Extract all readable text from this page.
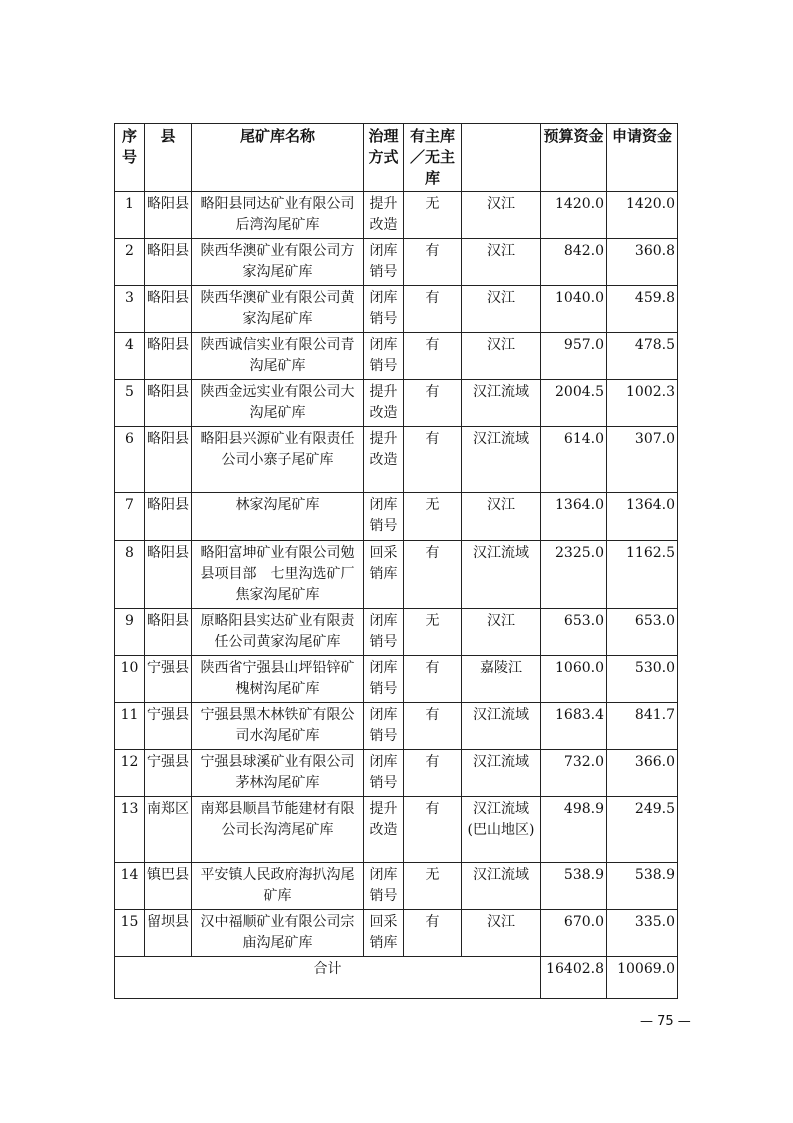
序号	县	尾矿库名称	治理方式	有主库／无主库		预算资金	申请资金
1	略阳县	略阳县同达矿业有限公司后湾沟尾矿库	提升改造	无	汉江	1420.0	1420.0
2	略阳县	陕西华澳矿业有限公司方家沟尾矿库	闭库销号	有	汉江	842.0	360.8
3	略阳县	陕西华澳矿业有限公司黄家沟尾矿库	闭库销号	有	汉江	1040.0	459.8
4	略阳县	陕西诚信实业有限公司青沟尾矿库	闭库销号	有	汉江	957.0	478.5
5	略阳县	陕西金远实业有限公司大沟尾矿库	提升改造	有	汉江流域	2004.5	1002.3
6	略阳县	略阳县兴源矿业有限责任公司小寨子尾矿库	提升改造	有	汉江流域	614.0	307.0
7	略阳县	林家沟尾矿库	闭库销号	无	汉江	1364.0	1364.0
8	略阳县	略阳富坤矿业有限公司勉县项目部　七里沟选矿厂焦家沟尾矿库	回采销库	有	汉江流域	2325.0	1162.5
9	略阳县	原略阳县实达矿业有限责任公司黄家沟尾矿库	闭库销号	无	汉江	653.0	653.0
10	宁强县	陕西省宁强县山坪铅锌矿槐树沟尾矿库	闭库销号	有	嘉陵江	1060.0	530.0
11	宁强县	宁强县黑木林铁矿有限公司水沟尾矿库	闭库销号	有	汉江流域	1683.4	841.7
12	宁强县	宁强县球溪矿业有限公司茅林沟尾矿库	闭库销号	有	汉江流域	732.0	366.0
13	南郑区	南郑县顺昌节能建材有限公司长沟湾尾矿库	提升改造	有	汉江流域(巴山地区)	498.9	249.5
14	镇巴县	平安镇人民政府海扒沟尾矿库	闭库销号	无	汉江流域	538.9	538.9
15	留坝县	汉中福顺矿业有限公司宗庙沟尾矿库	回采销库	有	汉江	670.0	335.0
合计						16402.8	10069.0
— 75 —
